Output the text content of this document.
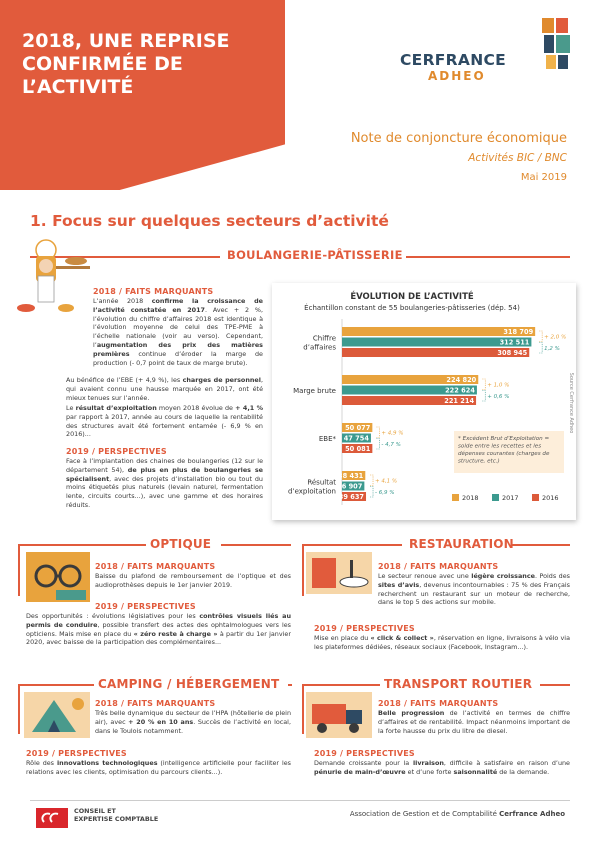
2018, UNE REPRISE
CONFIRMÉE DE
L’ACTIVITÉ
CERFRANCE
ADHEO
Note de conjoncture économique
Activités BIC / BNC
Mai 2019
1. Focus sur quelques secteurs d’activité
BOULANGERIE-PÂTISSERIE
2018 / FAITS MARQUANTS
L’année 2018 confirme la croissance de l’activité constatée en 2017. Avec + 2 %, l’évolution du chiffre d’affaires 2018 est identique à l’évolution moyenne de celui des TPE-PME à l’échelle nationale (voir au verso). Cependant, l’augmentation des prix des matières premières continue d’éroder la marge de production (- 0,7 point de taux de marge brute).
Au bénéfice de l’EBE (+ 4,9 %), les charges de personnel, qui avaient connu une hausse marquée en 2017, ont été mieux tenues sur l’année.
Le résultat d’exploitation moyen 2018 évolue de + 4,1 % par rapport à 2017, année au cours de laquelle la rentabilité des structures avait été fortement entamée (- 6,9 % en 2016)...
2019 / PERSPECTIVES
Face à l’implantation des chaines de boulangeries (12 sur le département 54), de plus en plus de boulangeries se spécialisent, avec des projets d’installation bio ou tout du moins étiquetés plus naturels (levain naturel, fermentation lente, circuits courts...), avec une gamme et des horaires réduits.
ÉVOLUTION DE L’ACTIVITÉ
Échantillon constant de 55 boulangeries-pâtisseries (dép. 54)
Chiffre
d’affaires
318 709
312 511
308 945
+ 2,0 %
1,2 %
Marge brute
224 820
222 624
221 214
+ 1,0 %
+ 0,6 %
EBE*
50 077
47 754
50 081
+ 4,9 %
- 4,7 %
Résultat
d’exploitation
38 431
36 907
39 637
+ 4,1 %
- 6,9 %
* Excédent Brut d’Exploitation = solde entre les recettes et les dépenses courantes (charges de structure, etc.)
Source Cerfrance Adheo
2018	2017	2016
OPTIQUE
2018 / FAITS MARQUANTS
Baisse du plafond de remboursement de l’optique et des audioprothèses depuis le 1er janvier 2019.
2019 / PERSPECTIVES
Des opportunités : évolutions législatives pour les contrôles visuels liés au permis de conduire, possible transfert des actes des ophtalmologues vers les opticiens. Mais mise en place du « zéro reste à charge » à partir du 1er janvier 2020, avec baisse de la participation des complémentaires...
RESTAURATION
2018 / FAITS MARQUANTS
Le secteur renoue avec une légère croissance. Poids des sites d’avis, devenus incontournables : 75 % des Français recherchent un restaurant sur un moteur de recherche, dans le top 5 des actions sur mobile.
2019 / PERSPECTIVES
Mise en place du « click & collect », réservation en ligne, livraisons à vélo via les plateformes dédiées, réseaux sociaux (Facebook, Instagram...).
CAMPING / HÉBERGEMENT
2018 / FAITS MARQUANTS
Très belle dynamique du secteur de l’HPA (hôtellerie de plein air), avec + 20 % en 10 ans. Succès de l’activité en local, dans le Toulois notamment.
2019 / PERSPECTIVES
Rôle des innovations technologiques (intelligence artificielle pour faciliter les relations avec les clients, optimisation du parcours clients...).
TRANSPORT ROUTIER
2018 / FAITS MARQUANTS
Belle progression de l’activité en termes de chiffre d’affaires et de rentabilité. Impact néanmoins important de la forte hausse du prix du litre de diesel.
2019 / PERSPECTIVES
Demande croissante pour la livraison, difficile à satisfaire en raison d’une pénurie de main-d’œuvre et d’une forte saisonnalité de la demande.
CONSEIL ET
EXPERTISE COMPTABLE
Association de Gestion et de Comptabilité Cerfrance Adheo
